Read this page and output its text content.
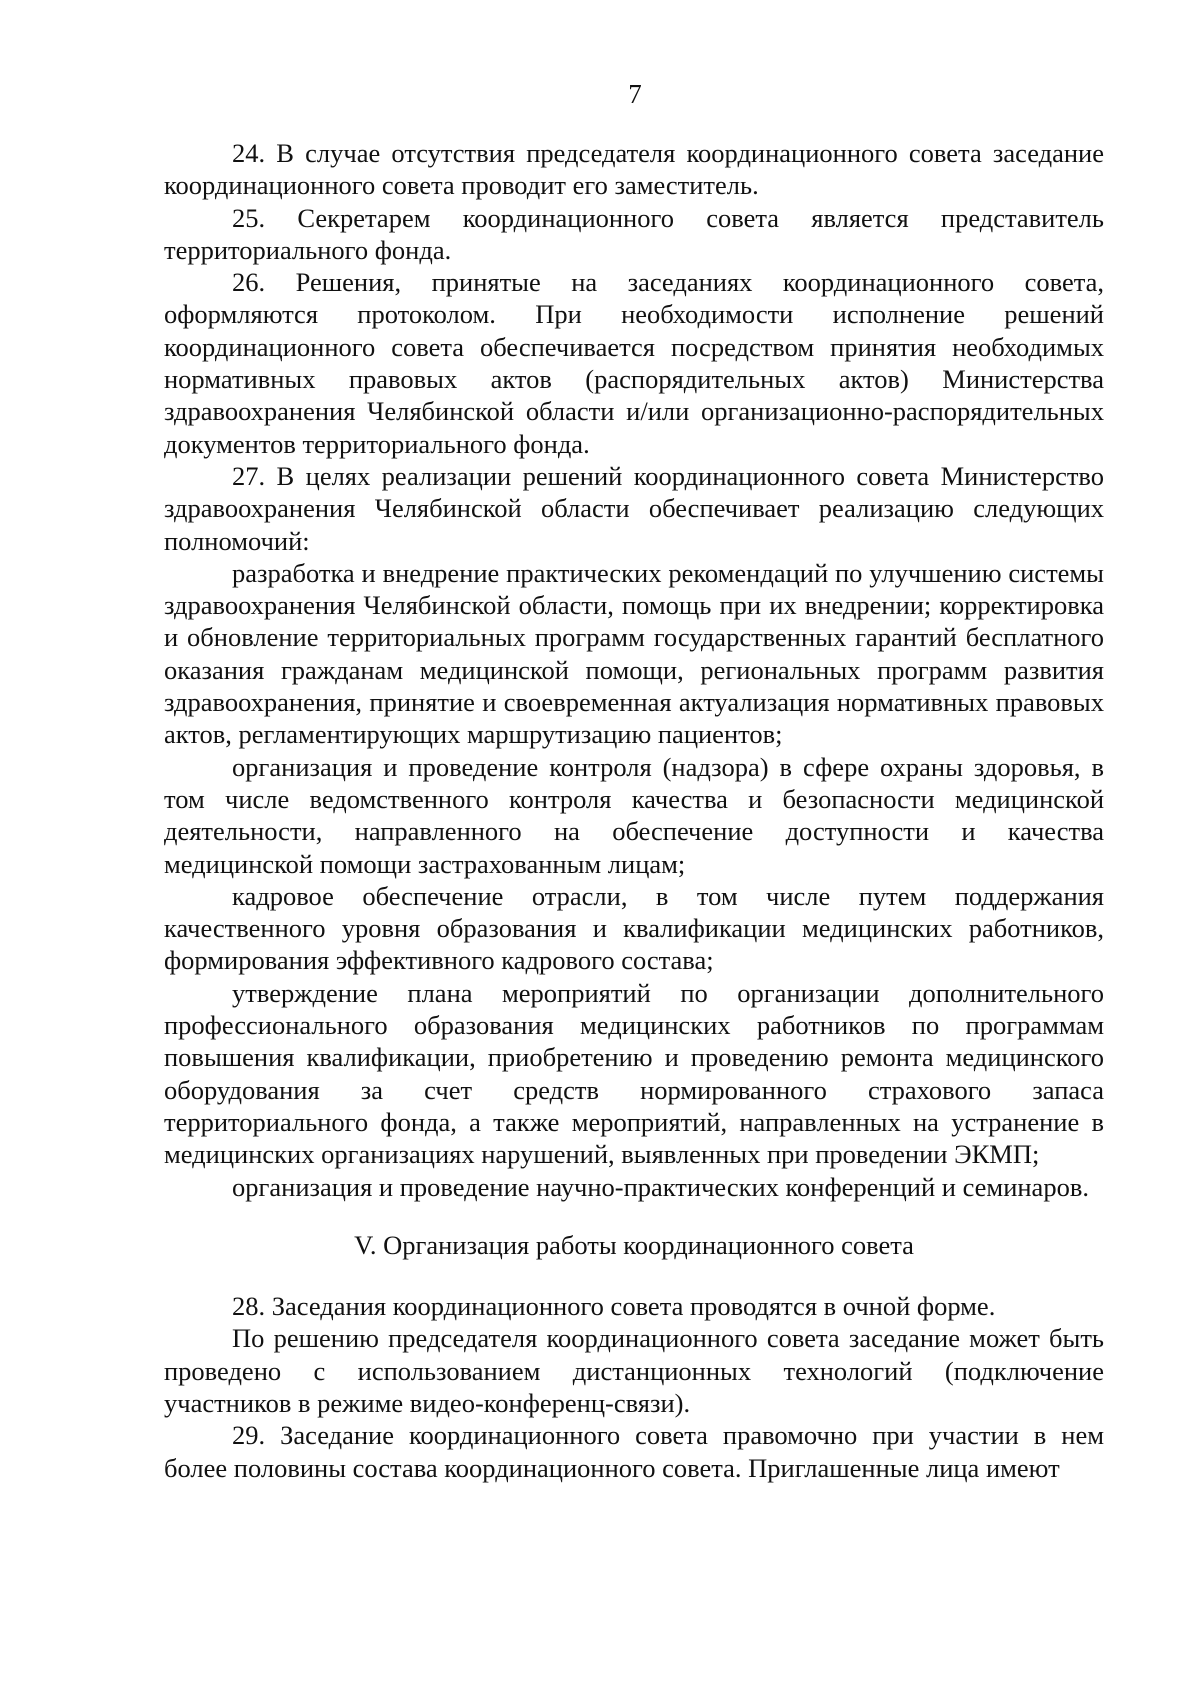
7

24. В случае отсутствия председателя координационного совета заседание координационного совета проводит его заместитель.

25. Секретарем координационного совета является представитель территориального фонда.

26. Решения, принятые на заседаниях координационного совета, оформляются протоколом. При необходимости исполнение решений координационного совета обеспечивается посредством принятия необходимых нормативных правовых актов (распорядительных актов) Министерства здравоохранения Челябинской области и/или организационно-распорядительных документов территориального фонда.

27. В целях реализации решений координационного совета Министерство здравоохранения Челябинской области обеспечивает реализацию следующих полномочий:

разработка и внедрение практических рекомендаций по улучшению системы здравоохранения Челябинской области, помощь при их внедрении; корректировка и обновление территориальных программ государственных гарантий бесплатного оказания гражданам медицинской помощи, региональных программ развития здравоохранения, принятие и своевременная актуализация нормативных правовых актов, регламентирующих маршрутизацию пациентов;

организация и проведение контроля (надзора) в сфере охраны здоровья, в том числе ведомственного контроля качества и безопасности медицинской деятельности, направленного на обеспечение доступности и качества медицинской помощи застрахованным лицам;

кадровое обеспечение отрасли, в том числе путем поддержания качественного уровня образования и квалификации медицинских работников, формирования эффективного кадрового состава;

утверждение плана мероприятий по организации дополнительного профессионального образования медицинских работников по программам повышения квалификации, приобретению и проведению ремонта медицинского оборудования за счет средств нормированного страхового запаса территориального фонда, а также мероприятий, направленных на устранение в медицинских организациях нарушений, выявленных при проведении ЭКМП;

организация и проведение научно-практических конференций и семинаров.

V. Организация работы координационного совета

28. Заседания координационного совета проводятся в очной форме.

По решению председателя координационного совета заседание может быть проведено с использованием дистанционных технологий (подключение участников в режиме видео-конференц-связи).

29. Заседание координационного совета правомочно при участии в нем более половины состава координационного совета. Приглашенные лица имеют
